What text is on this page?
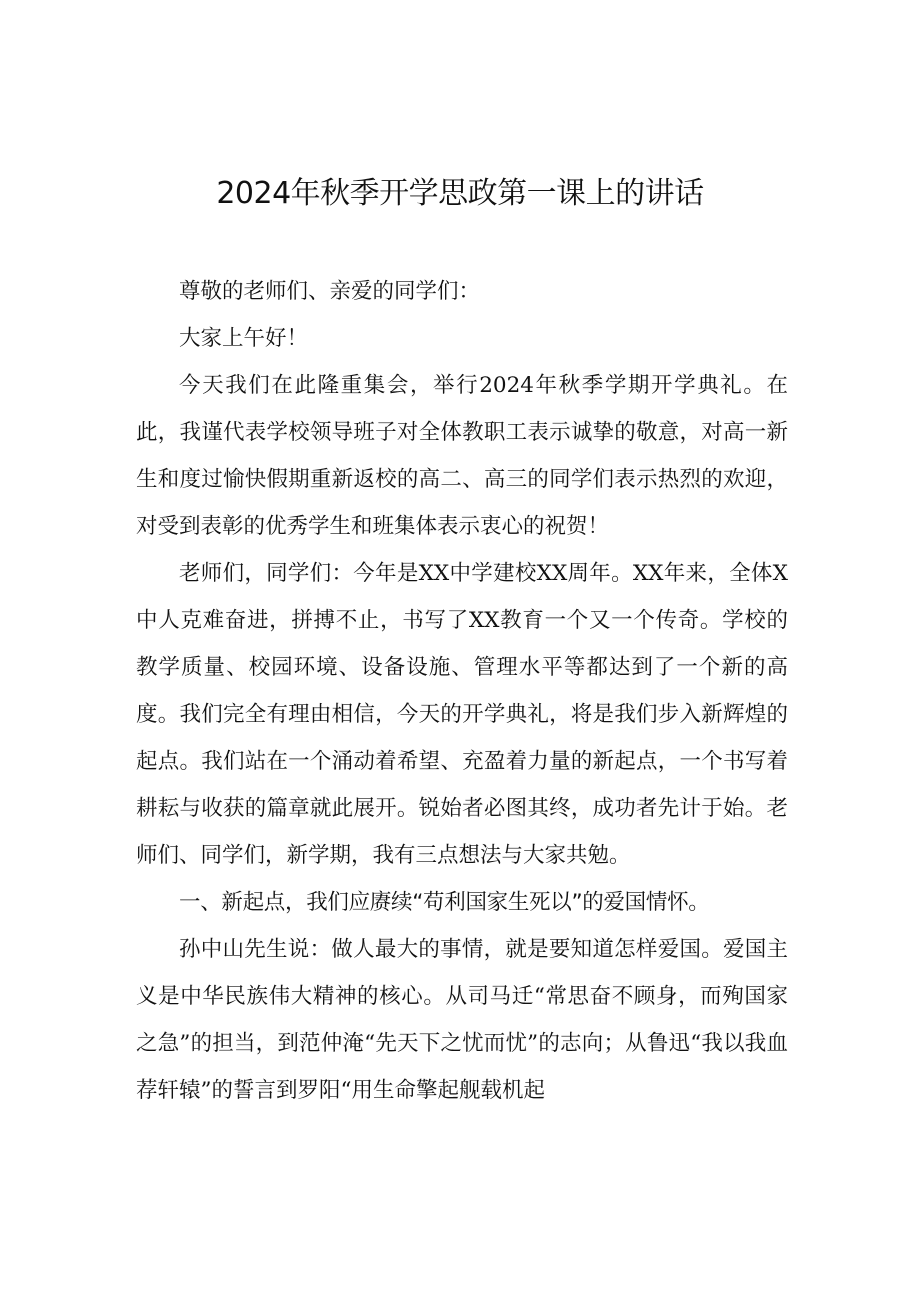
2024年秋季开学思政第一课上的讲话

尊敬的老师们、亲爱的同学们：

大家上午好！

今天我们在此隆重集会，举行2024年秋季学期开学典礼。在此，我谨代表学校领导班子对全体教职工表示诚挚的敬意，对高一新生和度过愉快假期重新返校的高二、高三的同学们表示热烈的欢迎，对受到表彰的优秀学生和班集体表示衷心的祝贺！

老师们，同学们：今年是XX中学建校XX周年。XX年来，全体X中人克难奋进，拼搏不止，书写了XX教育一个又一个传奇。学校的教学质量、校园环境、设备设施、管理水平等都达到了一个新的高度。我们完全有理由相信，今天的开学典礼，将是我们步入新辉煌的起点。我们站在一个涌动着希望、充盈着力量的新起点，一个书写着耕耘与收获的篇章就此展开。锐始者必图其终，成功者先计于始。老师们、同学们，新学期，我有三点想法与大家共勉。

一、新起点，我们应赓续“苟利国家生死以”的爱国情怀。

孙中山先生说：做人最大的事情，就是要知道怎样爱国。爱国主义是中华民族伟大精神的核心。从司马迁“常思奋不顾身，而殉国家之急”的担当，到范仲淹“先天下之忧而忧”的志向；从鲁迅“我以我血荐轩辕”的誓言到罗阳“用生命擎起舰载机起
